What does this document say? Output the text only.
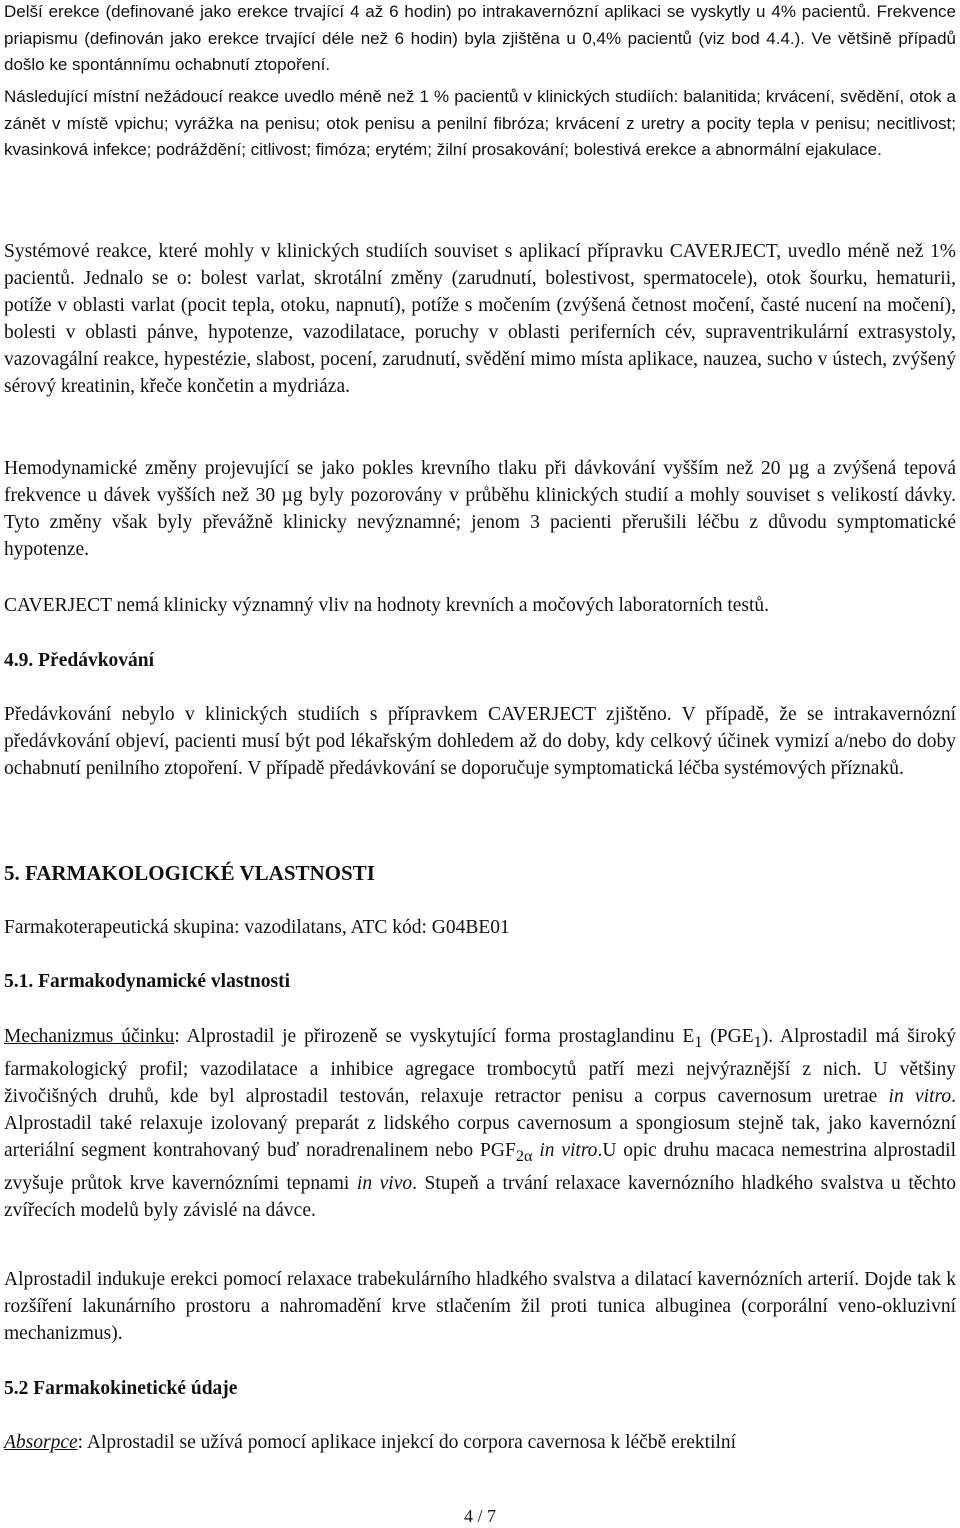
Delší erekce (definované jako erekce trvající 4 až 6 hodin) po intrakavernózní aplikaci se vyskytly u 4% pacientů. Frekvence priapismu (definován jako erekce trvající déle než 6 hodin) byla zjištěna u 0,4% pacientů (viz bod 4.4.). Ve většině případů došlo ke spontánnímu ochabnutí ztopoření.

Následující místní nežádoucí reakce uvedlo méně než 1 % pacientů v klinických studiích: balanitida; krvácení, svědění, otok a zánět v místě vpichu; vyrážka na penisu; otok penisu a penilní fibróza; krvácení z uretry a pocity tepla v penisu; necitlivost; kvasinková infekce; podráždění; citlivost; fimóza; erytém; žilní prosakování; bolestivá erekce a abnormální ejakulace.

Systémové reakce, které mohly v klinických studiích souviset s aplikací přípravku CAVERJECT, uvedlo méně než 1% pacientů. Jednalo se o: bolest varlat, skrotální změny (zarudnutí, bolestivost, spermatocele), otok šourku, hematurii, potíže v oblasti varlat (pocit tepla, otoku, napnutí), potíže s močením (zvýšená četnost močení, časté nucení na močení), bolesti v oblasti pánve, hypotenze, vazodilatace, poruchy v oblasti periferních cév, supraventrikulární extrasystoly, vazovagální reakce, hypestézie, slabost, pocení, zarudnutí, svědění mimo místa aplikace, nauzea, sucho v ústech, zvýšený sérový kreatinin, křeče končetin a mydriáza.

Hemodynamické změny projevující se jako pokles krevního tlaku při dávkování vyšším než 20 µg a zvýšená tepová frekvence u dávek vyšších než 30 µg byly pozorovány v průběhu klinických studií a mohly souviset s velikostí dávky. Tyto změny však byly převážně klinicky nevýznamné; jenom 3 pacienti přerušili léčbu z důvodu symptomatické hypotenze.

CAVERJECT nemá klinicky významný vliv na hodnoty krevních a močových laboratorních testů.

4.9. Předávkování

Předávkování nebylo v klinických studiích s přípravkem CAVERJECT zjištěno. V případě, že se intrakavernózní předávkování objeví, pacienti musí být pod lékařským dohledem až do doby, kdy celkový účinek vymizí a/nebo do doby ochabnutí penilního ztopoření. V případě předávkování se doporučuje symptomatická léčba systémových příznaků.

5. FARMAKOLOGICKÉ VLASTNOSTI

Farmakoterapeutická skupina: vazodilatans, ATC kód: G04BE01

5.1. Farmakodynamické vlastnosti

Mechanizmus účinku: Alprostadil je přirozeně se vyskytující forma prostaglandinu $E_1$ $(PGE_1)$. Alprostadil má široký farmakologický profil; vazodilatace a inhibice agregace trombocytů patří mezi nejvýraznější z nich. U většiny živočišných druhů, kde byl alprostadil testován, relaxuje retractor penisu a corpus cavernosum uretrae in vitro. Alprostadil také relaxuje izolovaný preparát z lidského corpus cavernosum a spongiosum stejně tak, jako kavernózní arteriální segment kontrahovaný buď noradrenalinem nebo $PGF_{2\alpha}$ in vitro.U opic druhu macaca nemestrina alprostadil zvyšuje průtok krve kavernózními tepnami in vivo. Stupeň a trvání relaxace kavernózního hladkého svalstva u těchto zvířecích modelů byly závislé na dávce.

Alprostadil indukuje erekci pomocí relaxace trabekulárního hladkého svalstva a dilatací kavernózních arterií. Dojde tak k rozšíření lakunárního prostoru a nahromadění krve stlačením žil proti tunica albuginea (corporální veno-okluzivní mechanizmus).

5.2 Farmakokinetické údaje

Absorpce: Alprostadil se užívá pomocí aplikace injekcí do corpora cavernosa k léčbě erektilní

4 / 7
